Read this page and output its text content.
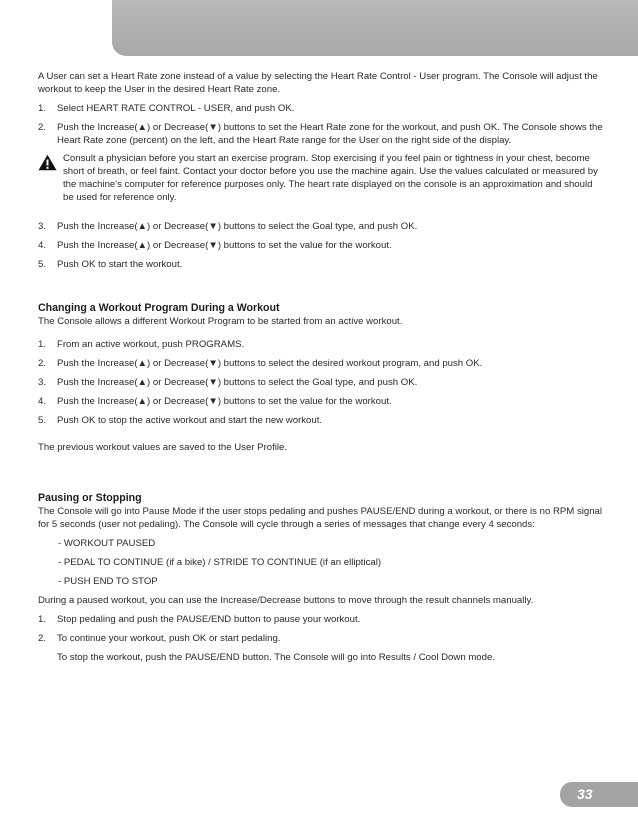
A User can set a Heart Rate zone instead of a value by selecting the Heart Rate Control - User program. The Console will adjust the workout to keep the User in the desired Heart Rate zone.

1.	Select HEART RATE CONTROL - USER, and push OK.
2.	Push the Increase(▲) or Decrease(▼) buttons to set the Heart Rate zone for the workout, and push OK. The Console shows the Heart Rate zone (percent) on the left, and the Heart Rate range for the User on the right side of the display.
Consult a physician before you start an exercise program. Stop exercising if you feel pain or tightness in your chest, become short of breath, or feel faint. Contact your doctor before you use the machine again. Use the values calculated or measured by the machine's computer for reference purposes only. The heart rate displayed on the console is an approximation and should be used for reference only.
3.	Push the Increase(▲) or Decrease(▼) buttons to select the Goal type, and push OK.
4.	Push the Increase(▲) or Decrease(▼) buttons to set the value for the workout.
5.	Push OK to start the workout.

Changing a Workout Program During a Workout

The Console allows a different Workout Program to be started from an active workout.

1.	From an active workout, push PROGRAMS.
2.	Push the Increase(▲) or Decrease(▼) buttons to select the desired workout program, and push OK.
3.	Push the Increase(▲) or Decrease(▼) buttons to select the Goal type, and push OK.
4.	Push the Increase(▲) or Decrease(▼) buttons to set the value for the workout.
5.	Push OK to stop the active workout and start the new workout.

The previous workout values are saved to the User Profile.

Pausing or Stopping

The Console will go into Pause Mode if the user stops pedaling and pushes PAUSE/END during a workout, or there is no RPM signal for 5 seconds (user not pedaling). The Console will cycle through a series of messages that change every 4 seconds:

- WORKOUT PAUSED
- PEDAL TO CONTINUE (if a bike) / STRIDE TO CONTINUE (if an elliptical)
- PUSH END TO STOP

During a paused workout, you can use the Increase/Decrease buttons to move through the result channels manually.

1.	Stop pedaling and push the PAUSE/END button to pause your workout.
2.	To continue your workout, push OK or start pedaling.
To stop the workout, push the PAUSE/END button. The Console will go into Results / Cool Down mode.
33
